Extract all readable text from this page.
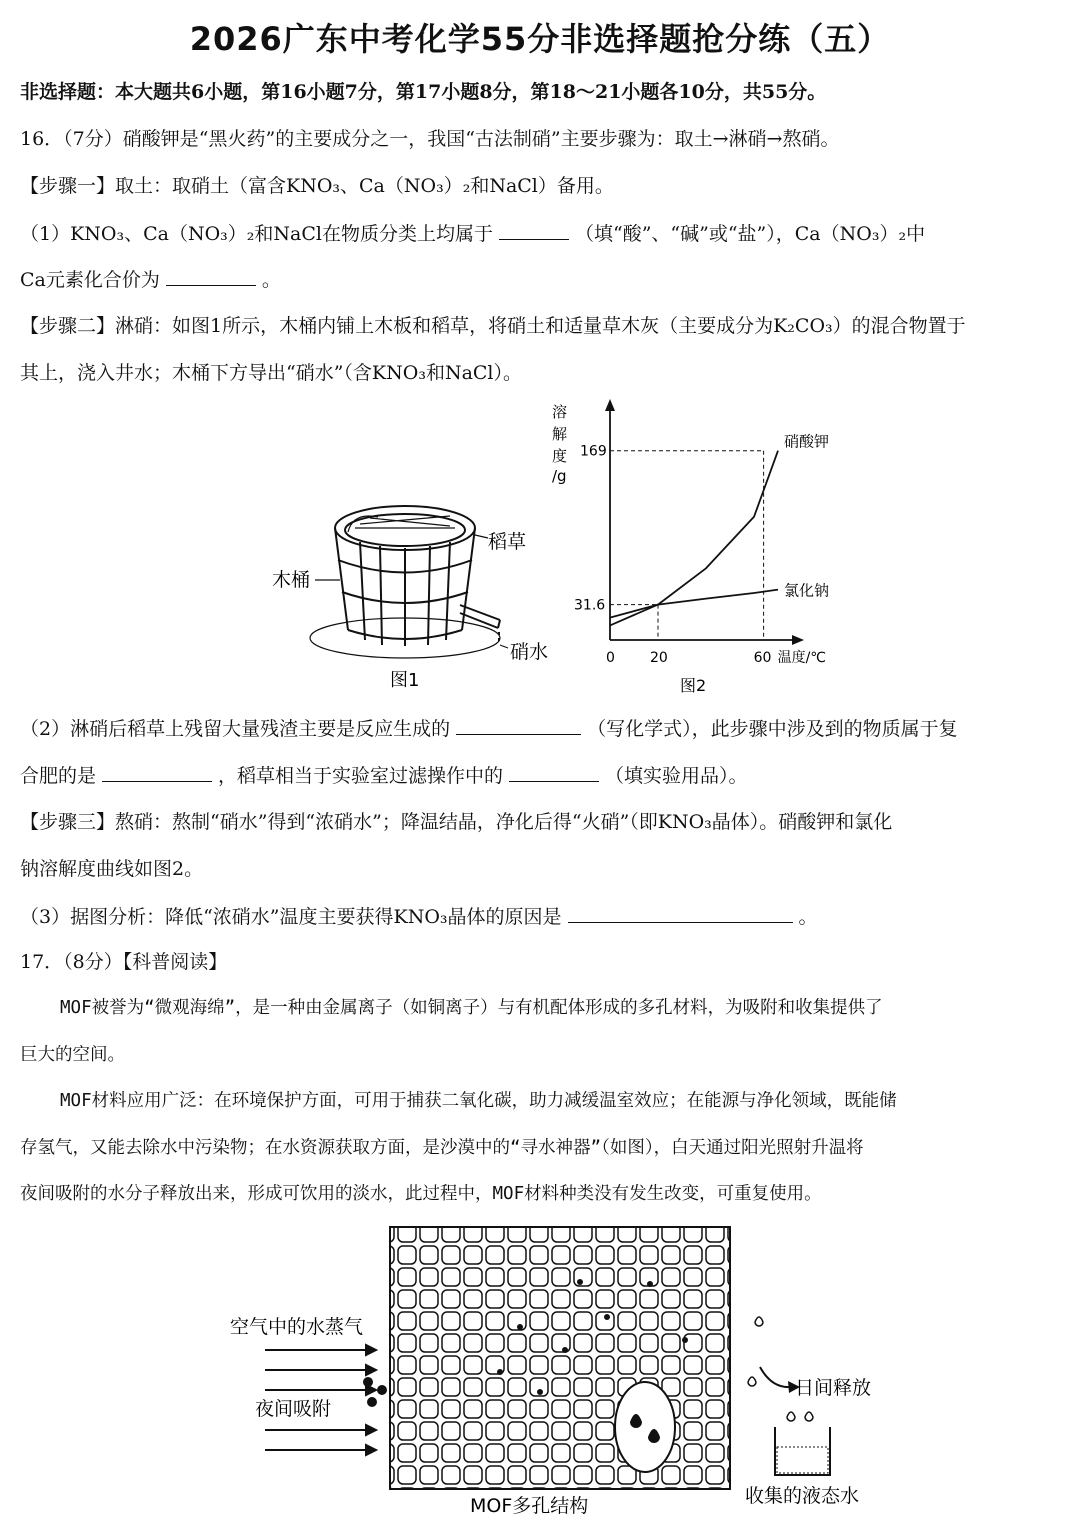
2026广东中考化学55分非选择题抢分练（五）
非选择题：本大题共6小题，第16小题7分，第17小题8分，第18～21小题各10分，共55分。
16．（7分）硝酸钾是“黑火药”的主要成分之一，我国“古法制硝”主要步骤为：取土→淋硝→熬硝。
【步骤一】取土：取硝土（富含KNO₃、Ca（NO₃）₂和NaCl）备用。
（1）KNO₃、Ca（NO₃）₂和NaCl在物质分类上均属于	（填“酸”、“碱”或“盐”），Ca（NO₃）₂中
Ca元素化合价为	。
【步骤二】淋硝：如图1所示，木桶内铺上木板和稻草，将硝土和适量草木灰（主要成分为K₂CO₃）的混合物置于
其上，浇入井水；木桶下方导出“硝水”（含KNO₃和NaCl）。
稻草
木桶
硝水
图1
溶
解
度
/g
硝酸钾
氯化钠
31.6
169
0	20	60 温度/℃
图2
（2）淋硝后稻草上残留大量残渣主要是反应生成的	（写化学式），此步骤中涉及到的物质属于复
合肥的是	，稻草相当于实验室过滤操作中的	（填实验用品）。
【步骤三】熬硝：熬制“硝水”得到“浓硝水”；降温结晶，净化后得“火硝”（即KNO₃晶体）。硝酸钾和氯化
钠溶解度曲线如图2。
（3）据图分析：降低“浓硝水”温度主要获得KNO₃晶体的原因是	。
17．（8分）【科普阅读】
MOF被誉为“微观海绵”，是一种由金属离子（如铜离子）与有机配体形成的多孔材料，为吸附和收集提供了
巨大的空间。
MOF材料应用广泛：在环境保护方面，可用于捕获二氧化碳，助力减缓温室效应；在能源与净化领域，既能储
存氢气，又能去除水中污染物；在水资源获取方面，是沙漠中的“寻水神器”（如图），白天通过阳光照射升温将
夜间吸附的水分子释放出来，形成可饮用的淡水，此过程中，MOF材料种类没有发生改变，可重复使用。
空气中的水蒸气
夜间吸附
日间释放
MOF多孔结构	收集的液态水
